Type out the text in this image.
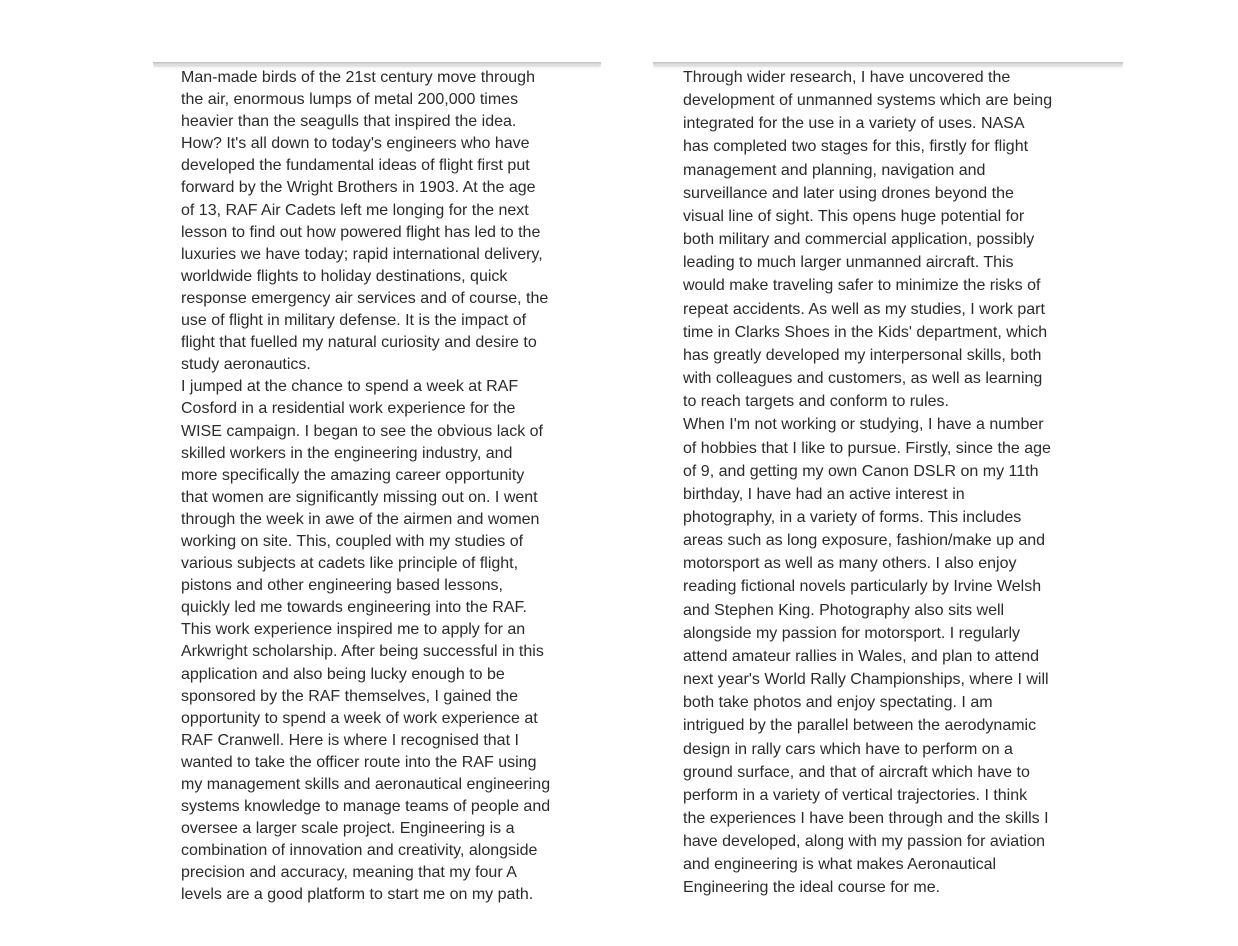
Man-made birds of the 21st century move through
the air, enormous lumps of metal 200,000 times
heavier than the seagulls that inspired the idea.
How? It's all down to today's engineers who have
developed the fundamental ideas of flight first put
forward by the Wright Brothers in 1903. At the age
of 13, RAF Air Cadets left me longing for the next
lesson to find out how powered flight has led to the
luxuries we have today; rapid international delivery,
worldwide flights to holiday destinations, quick
response emergency air services and of course, the
use of flight in military defense. It is the impact of
flight that fuelled my natural curiosity and desire to
study aeronautics.
I jumped at the chance to spend a week at RAF
Cosford in a residential work experience for the
WISE campaign. I began to see the obvious lack of
skilled workers in the engineering industry, and
more specifically the amazing career opportunity
that women are significantly missing out on. I went
through the week in awe of the airmen and women
working on site. This, coupled with my studies of
various subjects at cadets like principle of flight,
pistons and other engineering based lessons,
quickly led me towards engineering into the RAF.
This work experience inspired me to apply for an
Arkwright scholarship. After being successful in this
application and also being lucky enough to be
sponsored by the RAF themselves, I gained the
opportunity to spend a week of work experience at
RAF Cranwell. Here is where I recognised that I
wanted to take the officer route into the RAF using
my management skills and aeronautical engineering
systems knowledge to manage teams of people and
oversee a larger scale project. Engineering is a
combination of innovation and creativity, alongside
precision and accuracy, meaning that my four A
levels are a good platform to start me on my path.
Through wider research, I have uncovered the
development of unmanned systems which are being
integrated for the use in a variety of uses. NASA
has completed two stages for this, firstly for flight
management and planning, navigation and
surveillance and later using drones beyond the
visual line of sight. This opens huge potential for
both military and commercial application, possibly
leading to much larger unmanned aircraft. This
would make traveling safer to minimize the risks of
repeat accidents. As well as my studies, I work part
time in Clarks Shoes in the Kids' department, which
has greatly developed my interpersonal skills, both
with colleagues and customers, as well as learning
to reach targets and conform to rules.
When I'm not working or studying, I have a number
of hobbies that I like to pursue. Firstly, since the age
of 9, and getting my own Canon DSLR on my 11th
birthday, I have had an active interest in
photography, in a variety of forms. This includes
areas such as long exposure, fashion/make up and
motorsport as well as many others. I also enjoy
reading fictional novels particularly by Irvine Welsh
and Stephen King. Photography also sits well
alongside my passion for motorsport. I regularly
attend amateur rallies in Wales, and plan to attend
next year's World Rally Championships, where I will
both take photos and enjoy spectating. I am
intrigued by the parallel between the aerodynamic
design in rally cars which have to perform on a
ground surface, and that of aircraft which have to
perform in a variety of vertical trajectories. I think
the experiences I have been through and the skills I
have developed, along with my passion for aviation
and engineering is what makes Aeronautical
Engineering the ideal course for me.
